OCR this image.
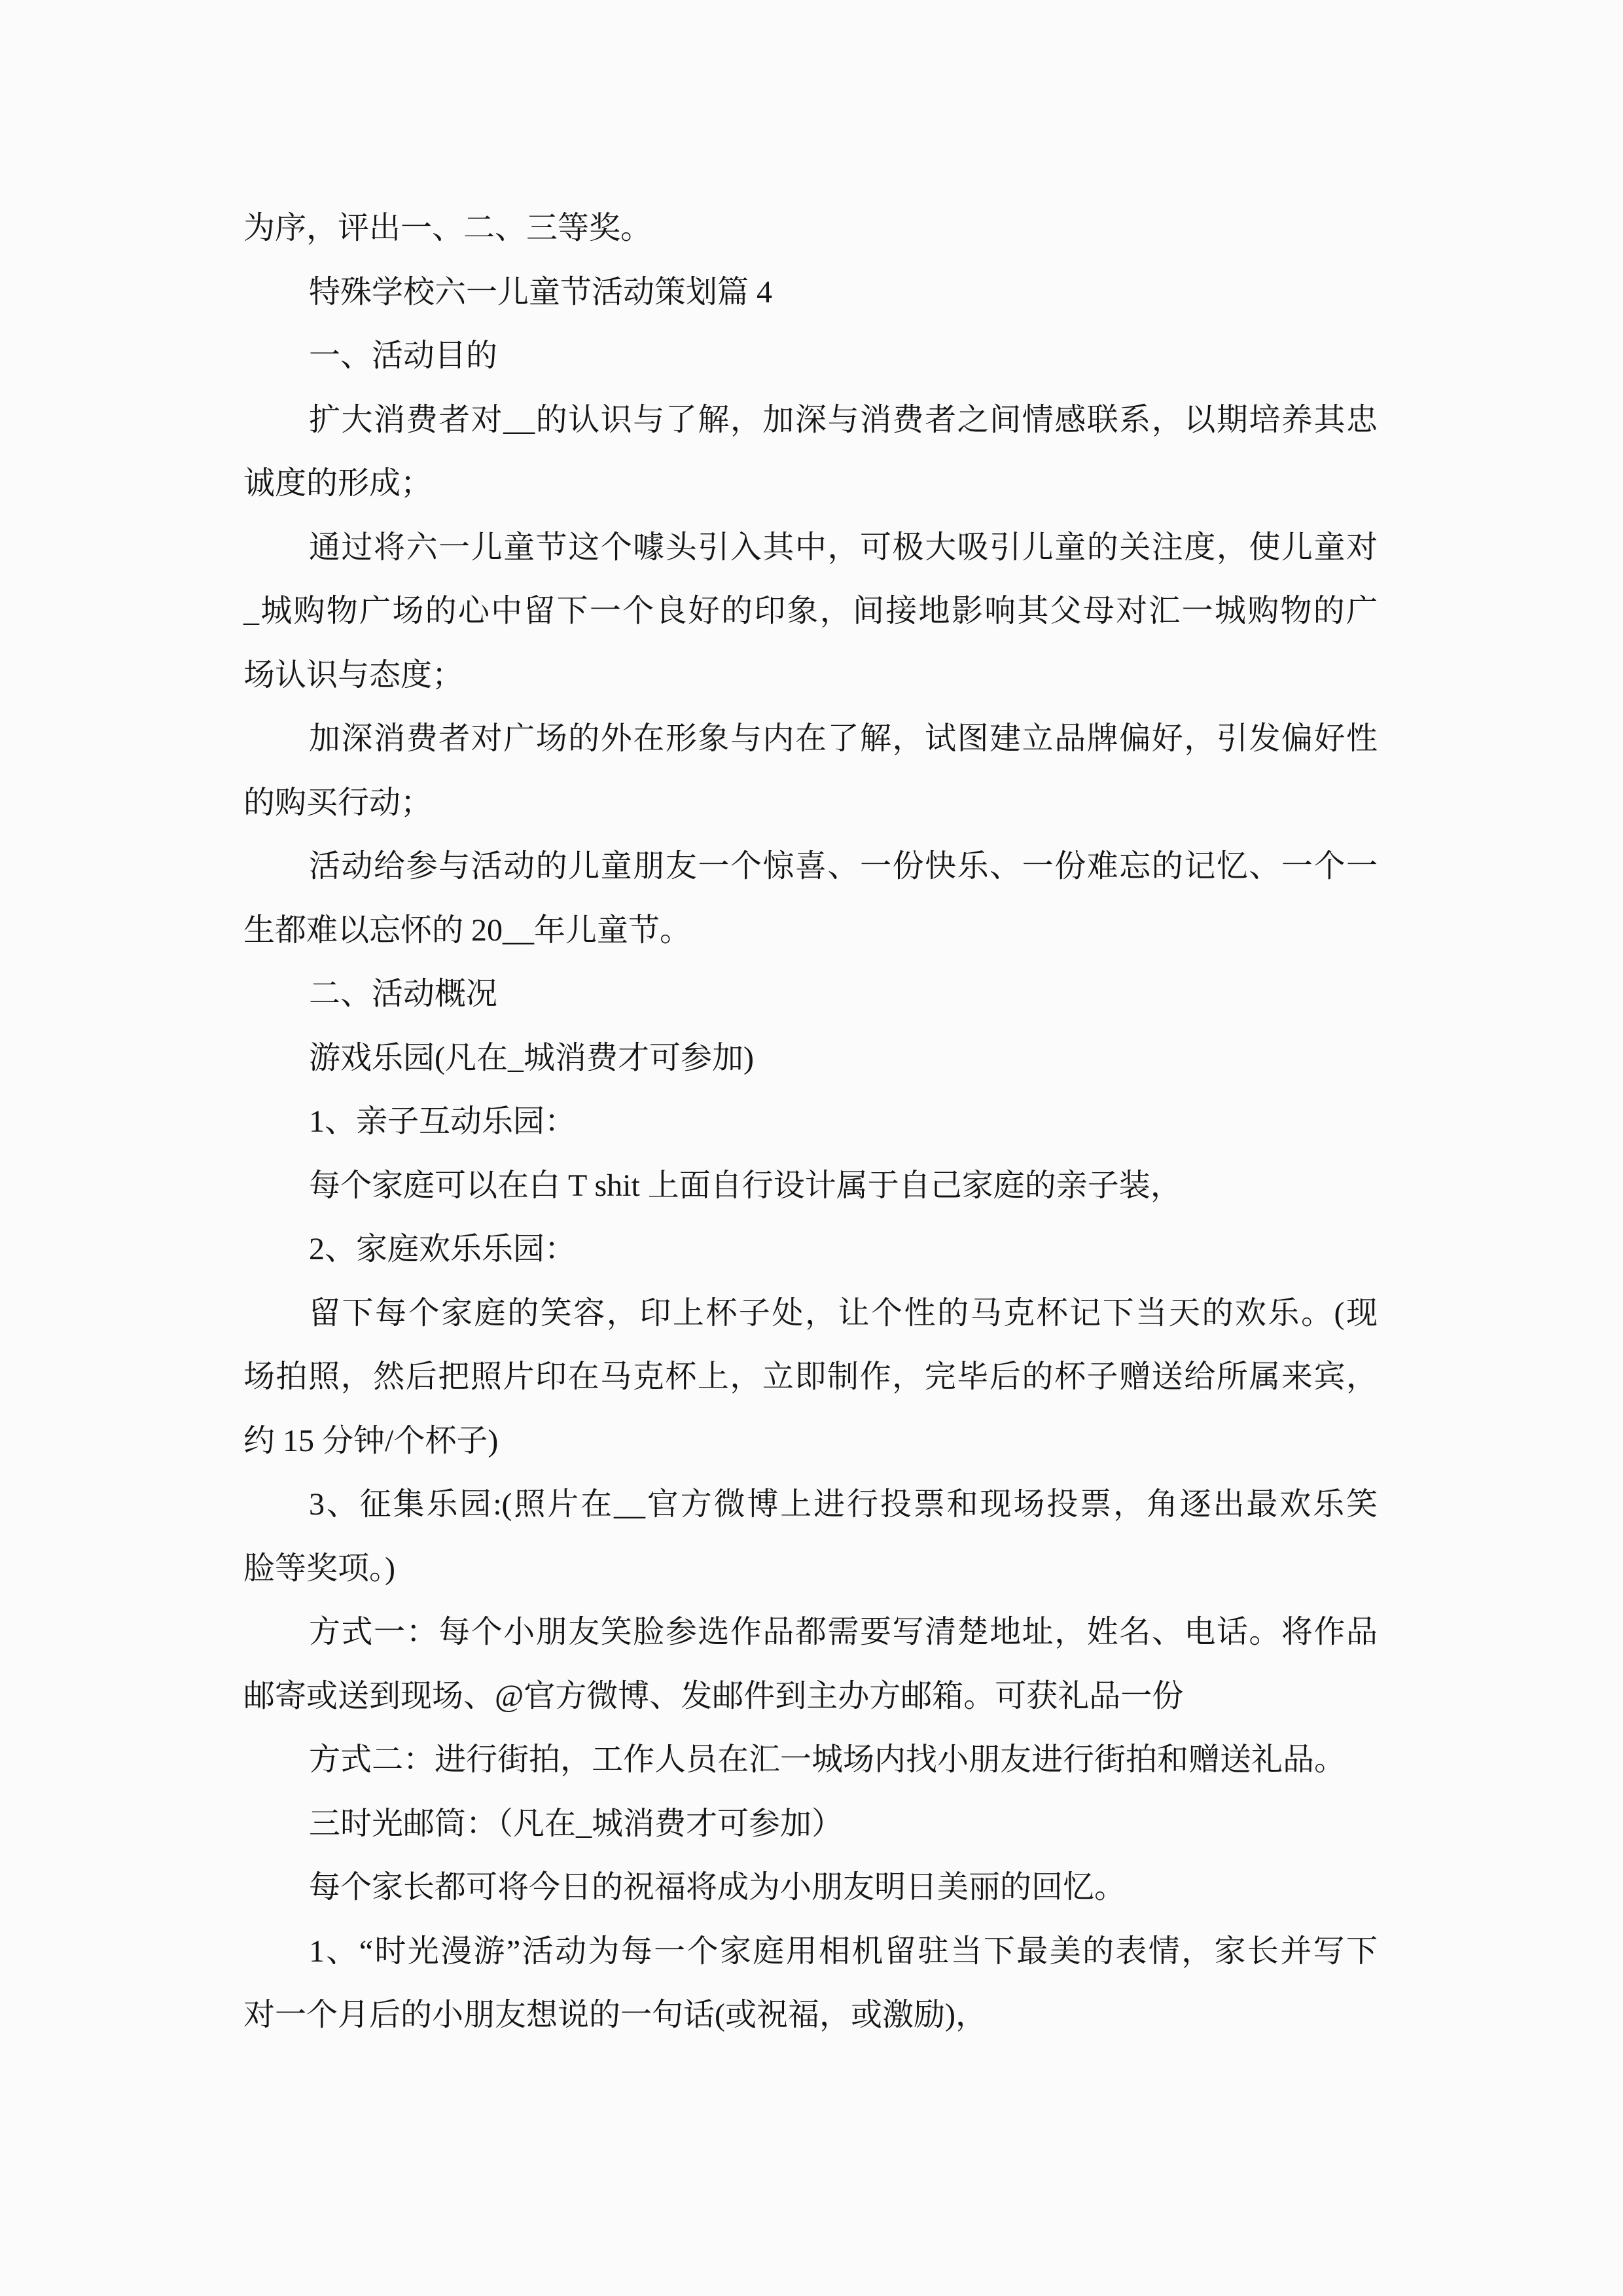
为序，评出一、二、三等奖。
特殊学校六一儿童节活动策划篇 4
一、活动目的
扩大消费者对__的认识与了解，加深与消费者之间情感联系，以期培养其忠
诚度的形成；
通过将六一儿童节这个噱头引入其中，可极大吸引儿童的关注度，使儿童对
_城购物广场的心中留下一个良好的印象，间接地影响其父母对汇一城购物的广
场认识与态度；
加深消费者对广场的外在形象与内在了解，试图建立品牌偏好，引发偏好性
的购买行动；
活动给参与活动的儿童朋友一个惊喜、一份快乐、一份难忘的记忆、一个一
生都难以忘怀的 20__年儿童节。
二、活动概况
游戏乐园(凡在_城消费才可参加)
1、亲子互动乐园：
每个家庭可以在白 T shit 上面自行设计属于自己家庭的亲子装，
2、家庭欢乐乐园：
留下每个家庭的笑容，印上杯子处，让个性的马克杯记下当天的欢乐。(现
场拍照，然后把照片印在马克杯上，立即制作，完毕后的杯子赠送给所属来宾，
约 15 分钟/个杯子)
3、征集乐园:(照片在__官方微博上进行投票和现场投票，角逐出最欢乐笑
脸等奖项。)
方式一：每个小朋友笑脸参选作品都需要写清楚地址，姓名、电话。将作品
邮寄或送到现场、@官方微博、发邮件到主办方邮箱。可获礼品一份
方式二：进行街拍，工作人员在汇一城场内找小朋友进行街拍和赠送礼品。
三时光邮筒：（凡在_城消费才可参加）
每个家长都可将今日的祝福将成为小朋友明日美丽的回忆。
1、“时光漫游”活动为每一个家庭用相机留驻当下最美的表情，家长并写下
对一个月后的小朋友想说的一句话(或祝福，或激励)，
